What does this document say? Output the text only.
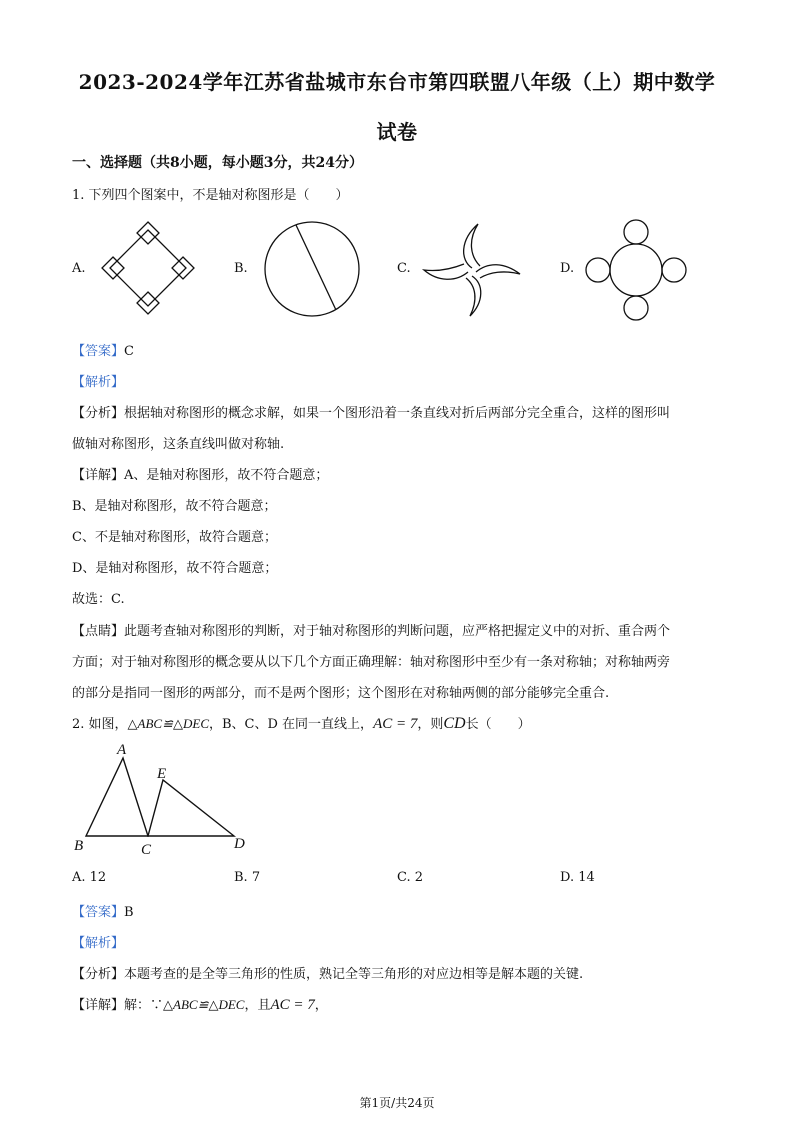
2023-2024学年江苏省盐城市东台市第四联盟八年级（上）期中数学
试卷
一、选择题（共8小题，每小题3分，共24分）
1. 下列四个图案中，不是轴对称图形是（　　）
A.	B.	C.	D.
【答案】C
【解析】
【分析】根据轴对称图形的概念求解，如果一个图形沿着一条直线对折后两部分完全重合，这样的图形叫
做轴对称图形，这条直线叫做对称轴.
【详解】A、是轴对称图形，故不符合题意；
B、是轴对称图形，故不符合题意；
C、不是轴对称图形，故符合题意；
D、是轴对称图形，故不符合题意；
故选：C.
【点睛】此题考查轴对称图形的判断，对于轴对称图形的判断问题，应严格把握定义中的对折、重合两个
方面；对于轴对称图形的概念要从以下几个方面正确理解：轴对称图形中至少有一条对称轴；对称轴两旁
的部分是指同一图形的两部分，而不是两个图形；这个图形在对称轴两侧的部分能够完全重合.
2. 如图，△ABC≌△DEC，B、C、D 在同一直线上，AC = 7，则CD长（　　）
A
E
B	C	D
A. 12	B. 7	C. 2	D. 14
【答案】B
【解析】
【分析】本题考查的是全等三角形的性质，熟记全等三角形的对应边相等是解本题的关键.
【详解】解：∵△ABC≌△DEC，且AC = 7，
第1页/共24页
